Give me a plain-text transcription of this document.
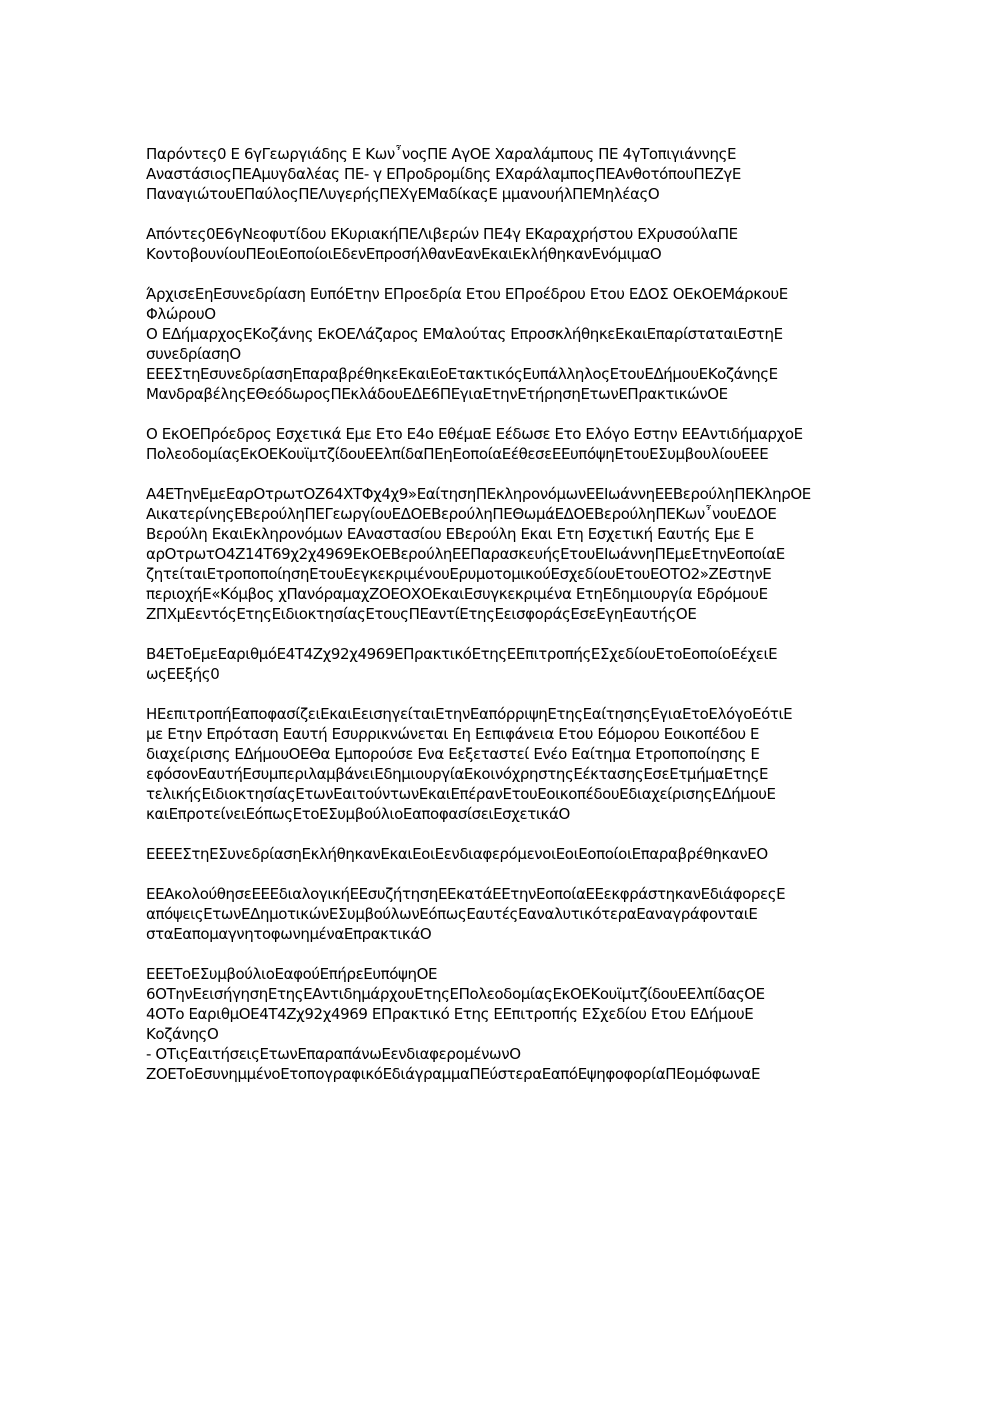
Παρόντες0 Ε 6γΓεωργιάδης Ε Κων῏νοςΠΕ ΑγΟΕ Χαραλάμπους ΠΕ 4γΤοπιγιάννηςΕ
ΑναστάσιοςΠΕΑμυγδαλέας ΠΕ- γ ΕΠροδρομίδης ΕΧαράλαμποςΠΕΑνθοτόπουΠΕΖγΕ
ΠαναγιώτουΕΠαύλοςΠΕΛυγερήςΠΕΧγΕΜαδίκαςΕ μμανουήλΠΕΜηλέαςΟ
Απόντες0Ε6γΝεοφυτίδου ΕΚυριακήΠΕΛιβερών ΠΕ4γ ΕΚαραχρήστου ΕΧρυσούλαΠΕ
ΚοντοβουνίουΠΕοιΕοποίοιΕδενΕπροσήλθανΕανΕκαιΕκλήθηκανΕνόμιμαΟ
ΆρχισεΕηΕσυνεδρίαση ΕυπόΕτην ΕΠροεδρία Ετου ΕΠροέδρου Ετου ΕΔΟΣ ΟΕκΟΕΜάρκουΕ
ΦλώρουΟ
Ο ΕΔήμαρχοςΕΚοζάνης ΕκΟΕΛάζαρος ΕΜαλούτας ΕπροσκλήθηκεΕκαιΕπαρίσταταιΕστηΕ
συνεδρίασηΟ
ΕΕΕΣτηΕσυνεδρίασηΕπαραβρέθηκεΕκαιΕοΕτακτικόςΕυπάλληλοςΕτουΕΔήμουΕΚοζάνηςΕ
ΜανδραβέληςΕΘεόδωροςΠΕκλάδουΕΔΕ6ΠΕγιαΕτηνΕτήρησηΕτωνΕΠρακτικώνΟΕ
Ο ΕκΟΕΠρόεδρος Εσχετικά Εμε Ετο Ε4ο ΕθέμαΕ Εέδωσε Ετο Ελόγο Εστην ΕΕΑντιδήμαρχοΕ
ΠολεοδομίαςΕκΟΕΚουϊμτζίδουΕΕλπίδαΠΕηΕοποίαΕέθεσεΕΕυπόψηΕτουΕΣυμβουλίουΕΕΕ
Α4ΕΤηνΕμεΕαρΟτρωτΟΖ64ΧΤΦχ4χ9»ΕαίτησηΠΕκληρονόμωνΕΕΙωάννηΕΕΒερούληΠΕΚληρΟΕ
ΑικατερίνηςΕΒερούληΠΕΓεωργίουΕΔΟΕΒερούληΠΕΘωμάΕΔΟΕΒερούληΠΕΚων῏νουΕΔΟΕ
Βερούλη ΕκαιΕκληρονόμων ΕΑναστασίου ΕΒερούλη Εκαι Ετη Εσχετική Εαυτής Εμε Ε
αρΟτρωτΟ4Ζ14Τ69χ2χ4969ΕκΟΕΒερούληΕΕΠαρασκευήςΕτουΕΙωάννηΠΕμεΕτηνΕοποίαΕ
ζητείταιΕτροποποίησηΕτουΕεγκεκριμένουΕρυμοτομικούΕσχεδίουΕτουΕΟΤΟ2»ΖΕστηνΕ
περιοχήΕ«Κόμβος χΠανόραμαχΖΟΕΟΧΟΕκαιΕσυγκεκριμένα ΕτηΕδημιουργία ΕδρόμουΕ
ΖΠΧμΕεντόςΕτηςΕιδιοκτησίαςΕτουςΠΕαντίΕτηςΕεισφοράςΕσεΕγηΕαυτήςΟΕ
Β4ΕΤοΕμεΕαριθμόΕ4Τ4Ζχ92χ4969ΕΠρακτικόΕτηςΕΕπιτροπήςΕΣχεδίουΕτοΕοποίοΕέχειΕ
ωςΕΕξής0
ΗΕεπιτροπήΕαποφασίζειΕκαιΕεισηγείταιΕτηνΕαπόρριψηΕτηςΕαίτησηςΕγιαΕτοΕλόγοΕότιΕ
με Ετην Επρόταση Εαυτή Εσυρρικνώνεται Εη Εεπιφάνεια Ετου Εόμορου Εοικοπέδου Ε
διαχείρισης ΕΔήμουΟΕΘα Εμπορούσε Ενα Εεξεταστεί Ενέο Εαίτημα Ετροποποίησης Ε
εφόσονΕαυτήΕσυμπεριλαμβάνειΕδημιουργίαΕκοινόχρηστηςΕέκτασηςΕσεΕτμήμαΕτηςΕ
τελικήςΕιδιοκτησίαςΕτωνΕαιτούντωνΕκαιΕπέρανΕτουΕοικοπέδουΕδιαχείρισηςΕΔήμουΕ
καιΕπροτείνειΕόπωςΕτοΕΣυμβούλιοΕαποφασίσειΕσχετικάΟ
ΕΕΕΕΣτηΕΣυνεδρίασηΕκλήθηκανΕκαιΕοιΕενδιαφερόμενοιΕοιΕοποίοιΕπαραβρέθηκανΕΟ
ΕΕΑκολούθησεΕΕΕδιαλογικήΕΕσυζήτησηΕΕκατάΕΕτηνΕοποίαΕΕεκφράστηκανΕδιάφορεςΕ
απόψειςΕτωνΕΔημοτικώνΕΣυμβούλωνΕόπωςΕαυτέςΕαναλυτικότεραΕαναγράφονταιΕ
σταΕαπομαγνητοφωνημέναΕπρακτικάΟ
ΕΕΕΤοΕΣυμβούλιοΕαφούΕπήρεΕυπόψηΟΕ
6ΟΤηνΕεισήγησηΕτηςΕΑντιδημάρχουΕτηςΕΠολεοδομίαςΕκΟΕΚουϊμτζίδουΕΕλπίδαςΟΕ
4ΟΤο ΕαριθμΟΕ4Τ4Ζχ92χ4969 ΕΠρακτικό Ετης ΕΕπιτροπής ΕΣχεδίου Ετου ΕΔήμουΕ
ΚοζάνηςΟ
- ΟΤιςΕαιτήσειςΕτωνΕπαραπάνωΕενδιαφερομένωνΟ
ΖΟΕΤοΕσυνημμένοΕτοπογραφικόΕδιάγραμμαΠΕύστεραΕαπόΕψηφοφορίαΠΕομόφωναΕ
